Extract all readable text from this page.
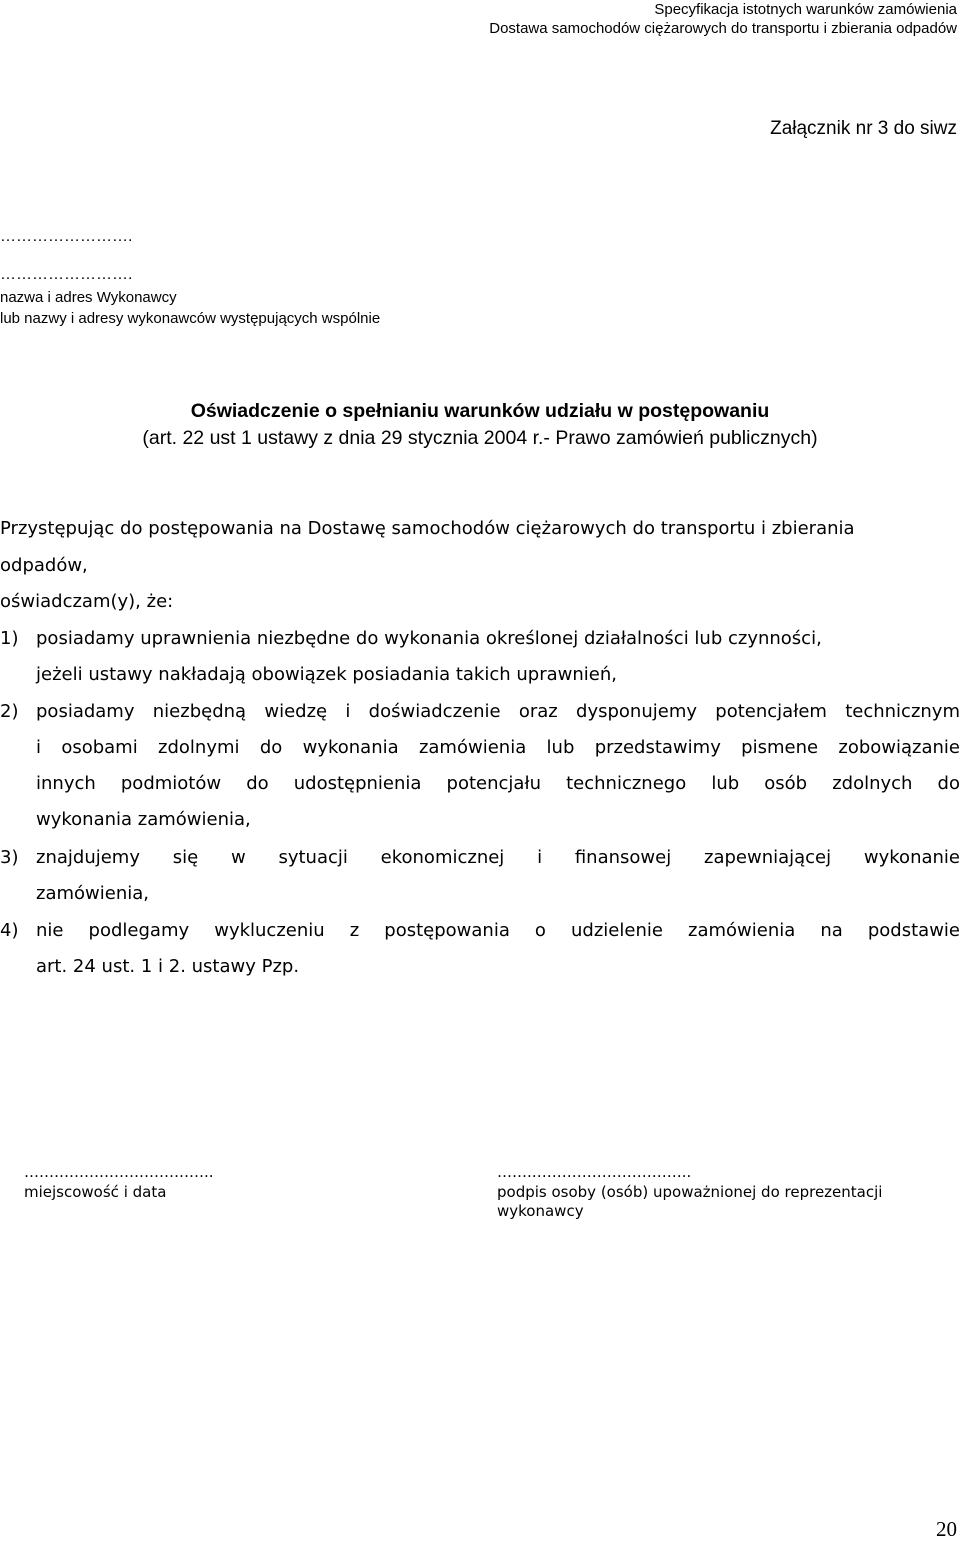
Specyfikacja istotnych warunków zamówienia
Dostawa samochodów ciężarowych do transportu i zbierania odpadów
Załącznik nr 3 do siwz
…………………….
…………………….
nazwa i adres Wykonawcy
lub nazwy i adresy wykonawców występujących wspólnie
Oświadczenie o spełnianiu warunków udziału w postępowaniu
(art. 22 ust 1 ustawy z dnia 29 stycznia 2004 r.- Prawo zamówień publicznych)
Przystępując do postępowania na Dostawę samochodów ciężarowych do transportu i zbierania
odpadów,
oświadczam(y), że:
1) posiadamy uprawnienia niezbędne do wykonania określonej działalności lub czynności,
jeżeli ustawy nakładają obowiązek posiadania takich uprawnień,
2) posiadamy niezbędną wiedzę i doświadczenie oraz dysponujemy potencjałem technicznym
i osobami zdolnymi do wykonania zamówienia lub przedstawimy pismene zobowiązanie
innych podmiotów do udostępnienia potencjału technicznego lub osób zdolnych do
wykonania zamówienia,
3) znajdujemy się w sytuacji ekonomicznej i finansowej zapewniającej wykonanie
zamówienia,
4) nie podlegamy wykluczeniu z postępowania o udzielenie zamówienia na podstawie
art. 24 ust. 1 i 2. ustawy Pzp.
………………………………..
miejscowość i data
…….…………………………..
podpis osoby (osób) upoważnionej do reprezentacji
wykonawcy
20
